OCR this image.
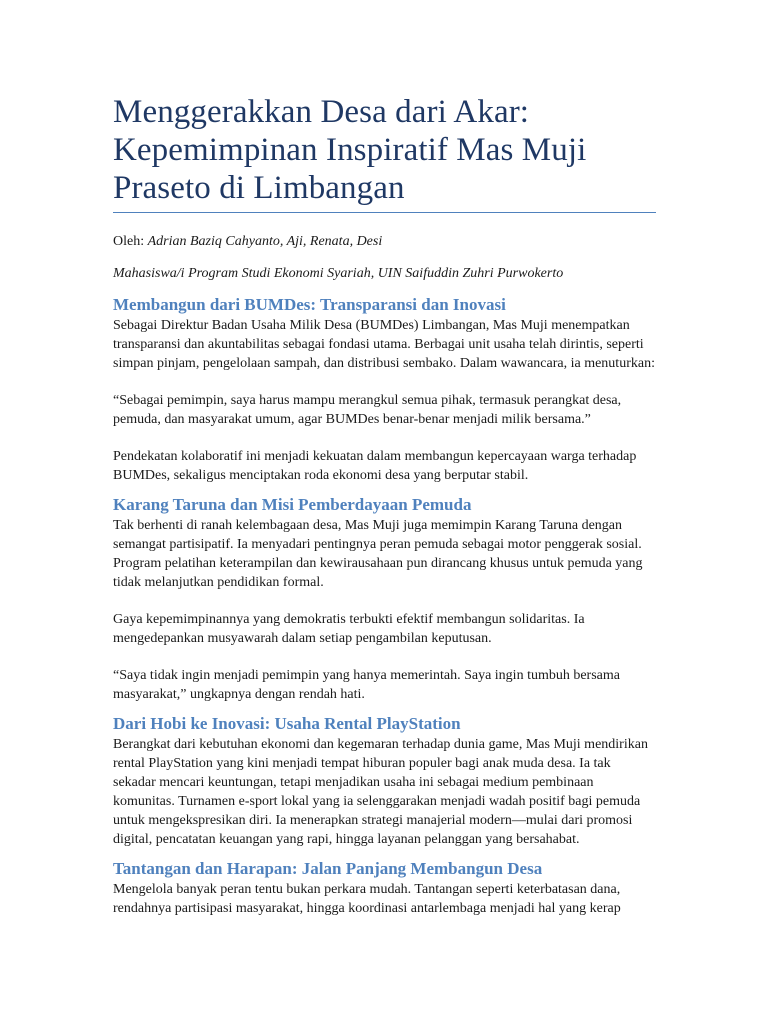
Menggerakkan Desa dari Akar: Kepemimpinan Inspiratif Mas Muji Praseto di Limbangan

Oleh: Adrian Baziq Cahyanto, Aji, Renata, Desi

Mahasiswa/i Program Studi Ekonomi Syariah, UIN Saifuddin Zuhri Purwokerto

Membangun dari BUMDes: Transparansi dan Inovasi

Sebagai Direktur Badan Usaha Milik Desa (BUMDes) Limbangan, Mas Muji menempatkan transparansi dan akuntabilitas sebagai fondasi utama. Berbagai unit usaha telah dirintis, seperti simpan pinjam, pengelolaan sampah, dan distribusi sembako. Dalam wawancara, ia menuturkan:

“Sebagai pemimpin, saya harus mampu merangkul semua pihak, termasuk perangkat desa, pemuda, dan masyarakat umum, agar BUMDes benar-benar menjadi milik bersama.”

Pendekatan kolaboratif ini menjadi kekuatan dalam membangun kepercayaan warga terhadap BUMDes, sekaligus menciptakan roda ekonomi desa yang berputar stabil.

Karang Taruna dan Misi Pemberdayaan Pemuda

Tak berhenti di ranah kelembagaan desa, Mas Muji juga memimpin Karang Taruna dengan semangat partisipatif. Ia menyadari pentingnya peran pemuda sebagai motor penggerak sosial. Program pelatihan keterampilan dan kewirausahaan pun dirancang khusus untuk pemuda yang tidak melanjutkan pendidikan formal.

Gaya kepemimpinannya yang demokratis terbukti efektif membangun solidaritas. Ia mengedepankan musyawarah dalam setiap pengambilan keputusan.

“Saya tidak ingin menjadi pemimpin yang hanya memerintah. Saya ingin tumbuh bersama masyarakat,” ungkapnya dengan rendah hati.

Dari Hobi ke Inovasi: Usaha Rental PlayStation

Berangkat dari kebutuhan ekonomi dan kegemaran terhadap dunia game, Mas Muji mendirikan rental PlayStation yang kini menjadi tempat hiburan populer bagi anak muda desa. Ia tak sekadar mencari keuntungan, tetapi menjadikan usaha ini sebagai medium pembinaan komunitas. Turnamen e-sport lokal yang ia selenggarakan menjadi wadah positif bagi pemuda untuk mengekspresikan diri. Ia menerapkan strategi manajerial modern—mulai dari promosi digital, pencatatan keuangan yang rapi, hingga layanan pelanggan yang bersahabat.

Tantangan dan Harapan: Jalan Panjang Membangun Desa

Mengelola banyak peran tentu bukan perkara mudah. Tantangan seperti keterbatasan dana, rendahnya partisipasi masyarakat, hingga koordinasi antarlembaga menjadi hal yang kerap
